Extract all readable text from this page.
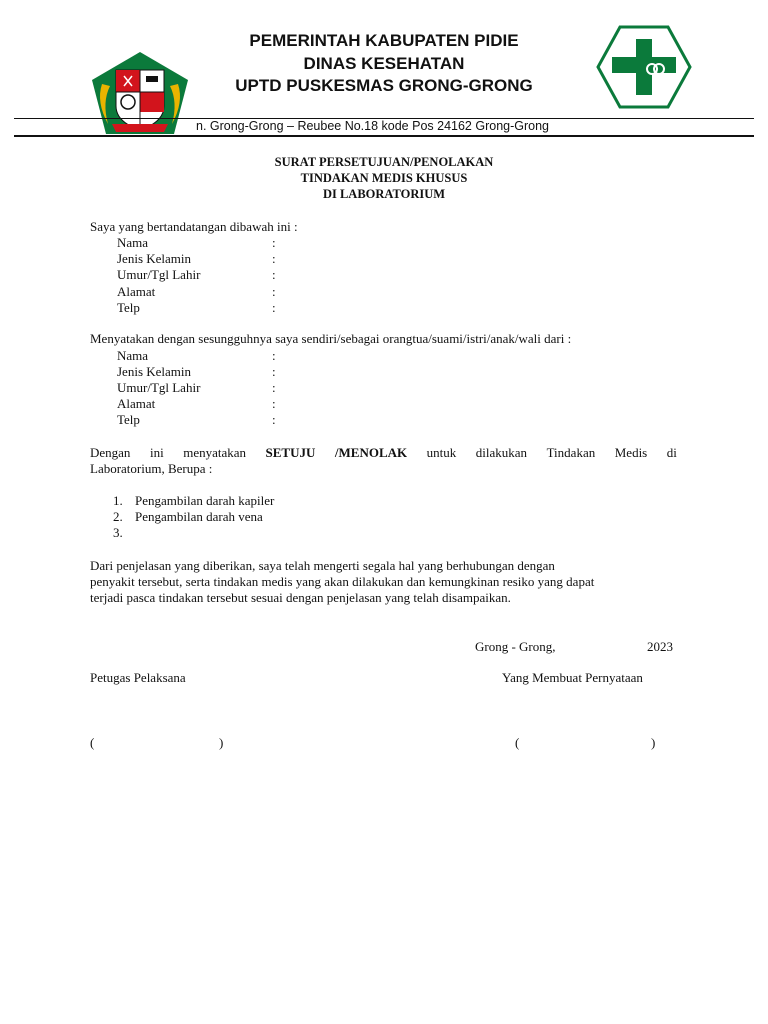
PEMERINTAH KABUPATEN PIDIE
DINAS KESEHATAN
UPTD PUSKESMAS GRONG-GRONG
n. Grong-Grong – Reubee No.18 kode Pos 24162 Grong-Grong
SURAT PERSETUJUAN/PENOLAKAN
TINDAKAN MEDIS KHUSUS
DI LABORATORIUM
Saya yang bertandatangan dibawah ini :
Nama	:
Jenis Kelamin	:
Umur/Tgl Lahir	:
Alamat	:
Telp	:
Menyatakan dengan sesungguhnya saya sendiri/sebagai orangtua/suami/istri/anak/wali dari :
Nama	:
Jenis Kelamin	:
Umur/Tgl Lahir	:
Alamat	:
Telp	:
Dengan ini menyatakan SETUJU /MENOLAK untuk dilakukan Tindakan Medis di
Laboratorium, Berupa :
1. Pengambilan darah kapiler
2. Pengambilan darah vena
3.
Dari penjelasan yang diberikan, saya telah mengerti segala hal yang berhubungan dengan
penyakit tersebut, serta tindakan medis yang akan dilakukan dan kemungkinan resiko yang dapat
terjadi pasca tindakan tersebut sesuai dengan penjelasan yang telah disampaikan.
Grong - Grong,	2023
Petugas Pelaksana	Yang Membuat Pernyataan
(	)	(	)
